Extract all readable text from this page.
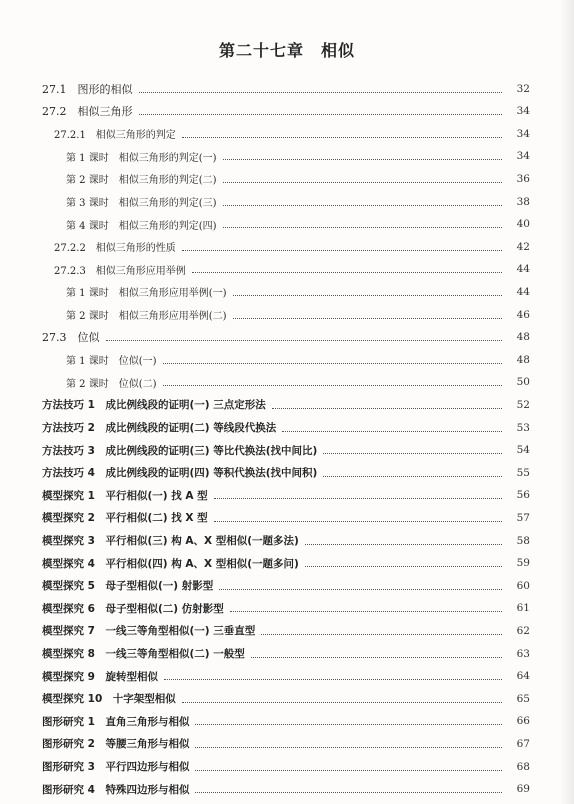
第二十七章　相似
27.1　图形的相似	32
27.2　相似三角形	34
27.2.1　相似三角形的判定	34
第 1 课时　相似三角形的判定(一)	34
第 2 课时　相似三角形的判定(二)	36
第 3 课时　相似三角形的判定(三)	38
第 4 课时　相似三角形的判定(四)	40
27.2.2　相似三角形的性质	42
27.2.3　相似三角形应用举例	44
第 1 课时　相似三角形应用举例(一)	44
第 2 课时　相似三角形应用举例(二)	46
27.3　位似	48
第 1 课时　位似(一)	48
第 2 课时　位似(二)	50
方法技巧 1　成比例线段的证明(一) 三点定形法	52
方法技巧 2　成比例线段的证明(二) 等线段代换法	53
方法技巧 3　成比例线段的证明(三) 等比代换法(找中间比)	54
方法技巧 4　成比例线段的证明(四) 等积代换法(找中间积)	55
模型探究 1　平行相似(一) 找 A 型	56
模型探究 2　平行相似(二) 找 X 型	57
模型探究 3　平行相似(三) 构 A、X 型相似(一题多法)	58
模型探究 4　平行相似(四) 构 A、X 型相似(一题多问)	59
模型探究 5　母子型相似(一) 射影型	60
模型探究 6　母子型相似(二) 仿射影型	61
模型探究 7　一线三等角型相似(一) 三垂直型	62
模型探究 8　一线三等角型相似(二) 一般型	63
模型探究 9　旋转型相似	64
模型探究 10　十字架型相似	65
图形研究 1　直角三角形与相似	66
图形研究 2　等腰三角形与相似	67
图形研究 3　平行四边形与相似	68
图形研究 4　特殊四边形与相似	69
